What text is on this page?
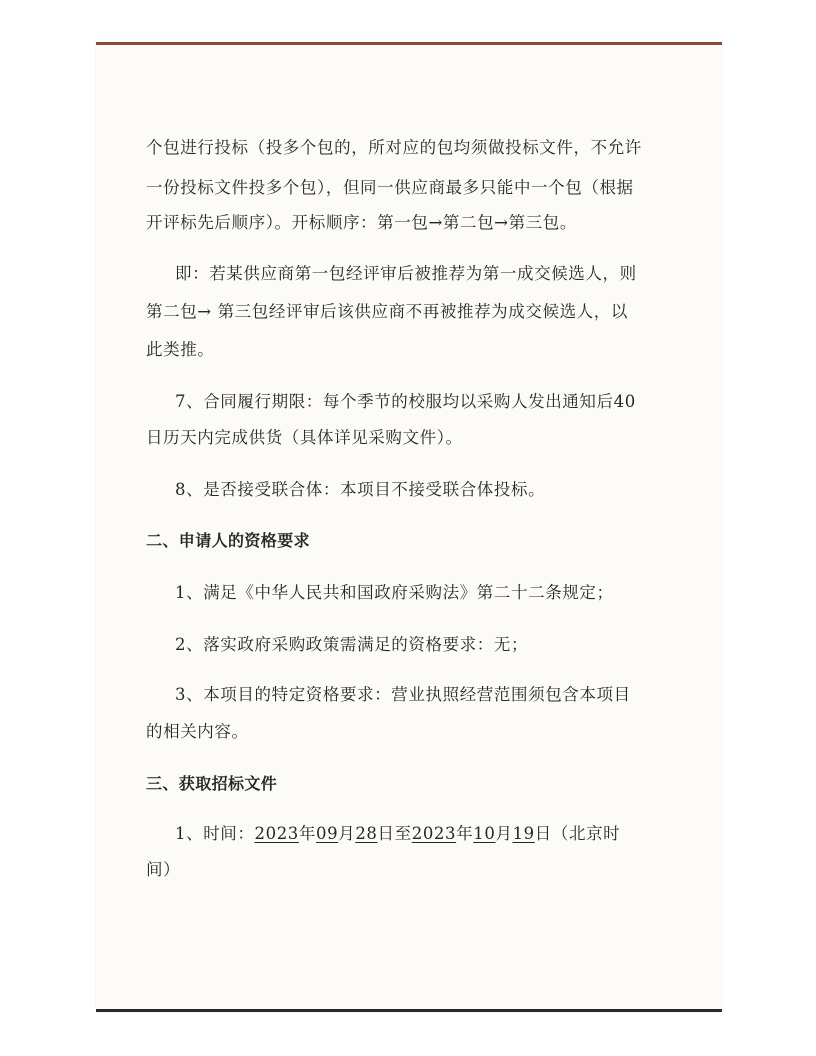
个包进行投标（投多个包的，所对应的包均须做投标文件，不允许
一份投标文件投多个包），但同一供应商最多只能中一个包（根据
开评标先后顺序）。开标顺序：第一包→第二包→第三包。
即：若某供应商第一包经评审后被推荐为第一成交候选人，则
第二包→ 第三包经评审后该供应商不再被推荐为成交候选人，以
此类推。
7、合同履行期限：每个季节的校服均以采购人发出通知后40
日历天内完成供货（具体详见采购文件）。
8、是否接受联合体：本项目不接受联合体投标。
二、申请人的资格要求
1、满足《中华人民共和国政府采购法》第二十二条规定；
2、落实政府采购政策需满足的资格要求：无；
3、本项目的特定资格要求：营业执照经营范围须包含本项目
的相关内容。
三、获取招标文件
1、时间：2023年09月28日至2023年10月19日（北京时
间）
